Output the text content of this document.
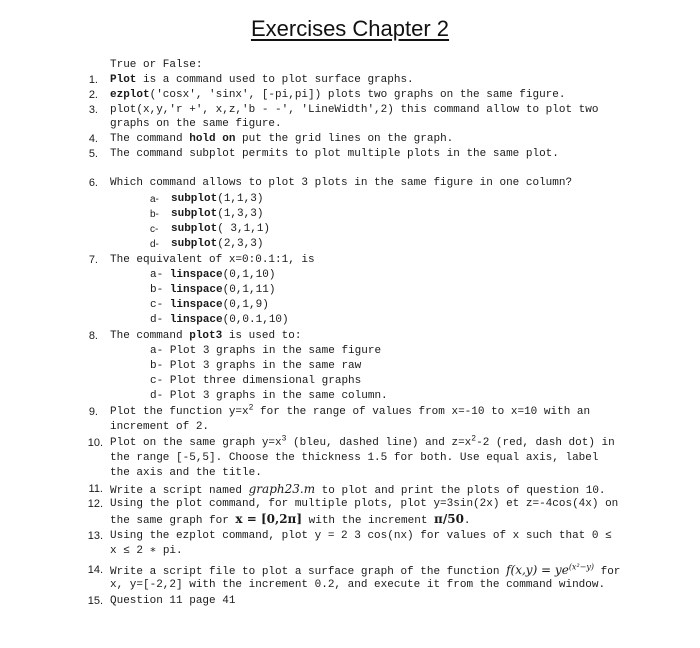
Exercises Chapter 2
True or False:
1. Plot is a command used to plot surface graphs.
2. ezplot('cosx', 'sinx', [-pi,pi]) plots two graphs on the same figure.
3. plot(x,y,'r +', x,z,'b - -', 'LineWidth',2) this command allow to plot two
graphs on the same figure.
4. The command hold on put the grid lines on the graph.
5. The command subplot permits to plot multiple plots in the same plot.
6. Which command allows to plot 3 plots in the same figure in one column?
a- subplot(1,1,3)
b- subplot(1,3,3)
c-	subplot( 3,1,1)
d- subplot(2,3,3)
7. The equivalent of x=0:0.1:1, is
a- linspace(0,1,10)
b- linspace(0,1,11)
c- linspace(0,1,9)
d- linspace(0,0.1,10)
8. The command plot3 is used to:
a- Plot 3 graphs in the same figure
b- Plot 3 graphs in the same raw
c- Plot three dimensional graphs
d- Plot 3 graphs in the same column.
9. Plot the function $y=x^2$ for the range of values from x=-10 to x=10 with an
increment of 2.
10. Plot on the same graph $y=x^3$ (bleu, dashed line) and $z=x^2-2$ (red, dash dot) in
the range [-5,5]. Choose the thickness 1.5 for both. Use equal axis, label
the axis and the title.
11. Write a script named graph23.m to plot and print the plots of question 10.
12. Using the plot command, for multiple plots, plot y=3sin(2x) et z=-4cos(4x) on
the same graph for x = [0,2π] with the increment π/50.
13. Using the ezplot command, plot y = 2 3 cos(nx) for values of x such that 0 ≤
x ≤ 2 ∗ pi.
14. Write a script file to plot a surface graph of the function $f(x,y) = ye^{(x^2-y)}$ for
x, y=[-2,2] with the increment 0.2, and execute it from the command window.
15. Question 11 page 41
